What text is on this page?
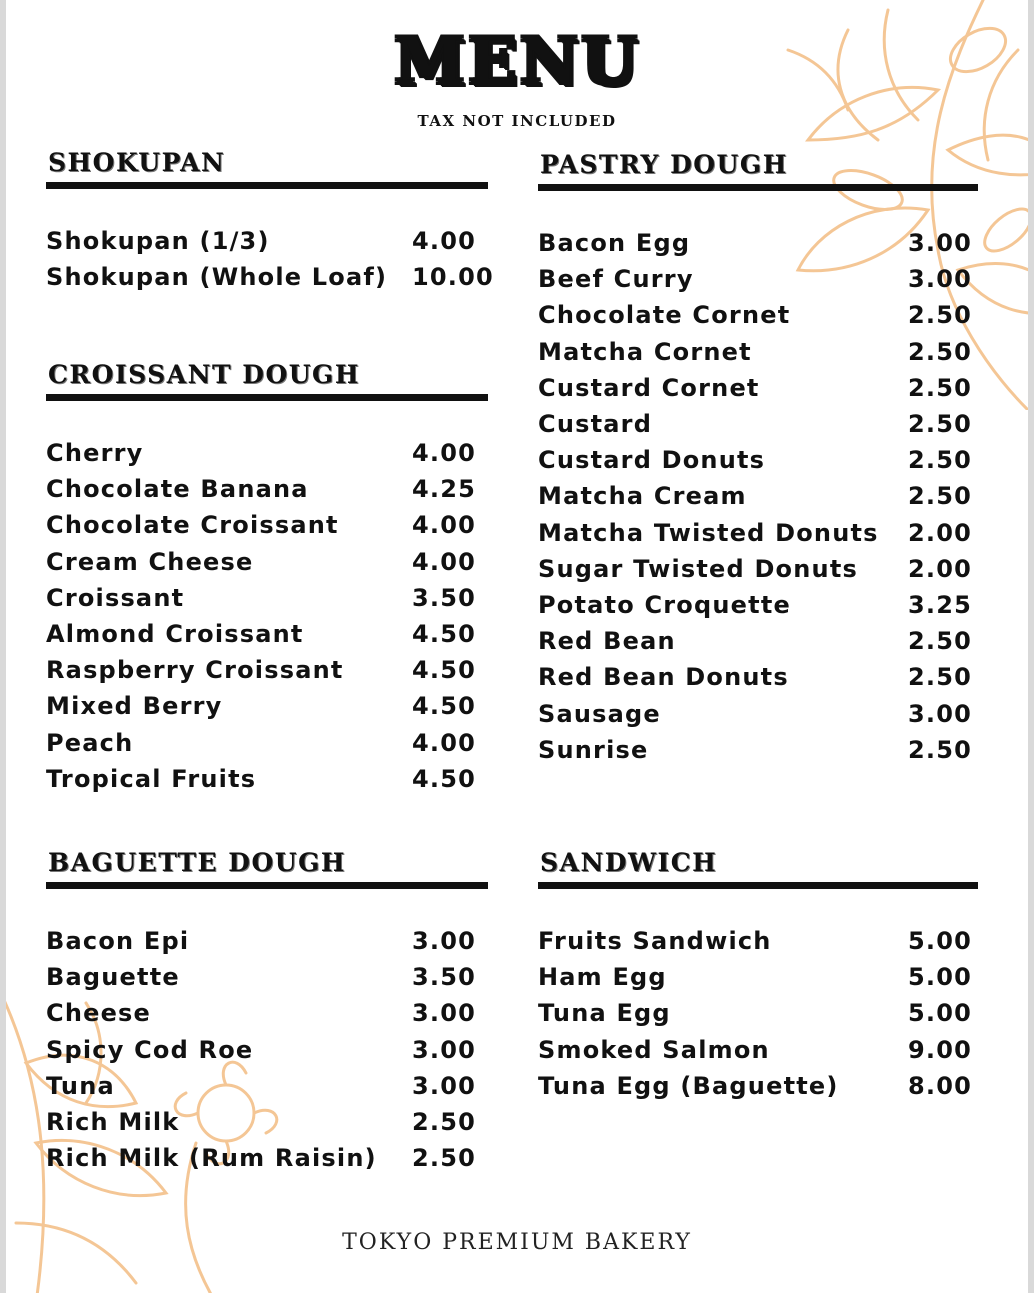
MENU
TAX NOT INCLUDED
SHOKUPAN
Shokupan (1/3)	4.00
Shokupan (Whole Loaf)	10.00
CROISSANT DOUGH
Cherry	4.00
Chocolate Banana	4.25
Chocolate Croissant	4.00
Cream Cheese	4.00
Croissant	3.50
Almond Croissant	4.50
Raspberry Croissant	4.50
Mixed Berry	4.50
Peach	4.00
Tropical Fruits	4.50
BAGUETTE DOUGH
Bacon Epi	3.00
Baguette	3.50
Cheese	3.00
Spicy Cod Roe	3.00
Tuna	3.00
Rich Milk	2.50
Rich Milk (Rum Raisin)	2.50
PASTRY DOUGH
Bacon Egg	3.00
Beef Curry	3.00
Chocolate Cornet	2.50
Matcha Cornet	2.50
Custard Cornet	2.50
Custard	2.50
Custard Donuts	2.50
Matcha Cream	2.50
Matcha Twisted Donuts	2.00
Sugar Twisted Donuts	2.00
Potato Croquette	3.25
Red Bean	2.50
Red Bean Donuts	2.50
Sausage	3.00
Sunrise	2.50
SANDWICH
Fruits Sandwich	5.00
Ham Egg	5.00
Tuna Egg	5.00
Smoked Salmon	9.00
Tuna Egg (Baguette)	8.00
TOKYO PREMIUM BAKERY
